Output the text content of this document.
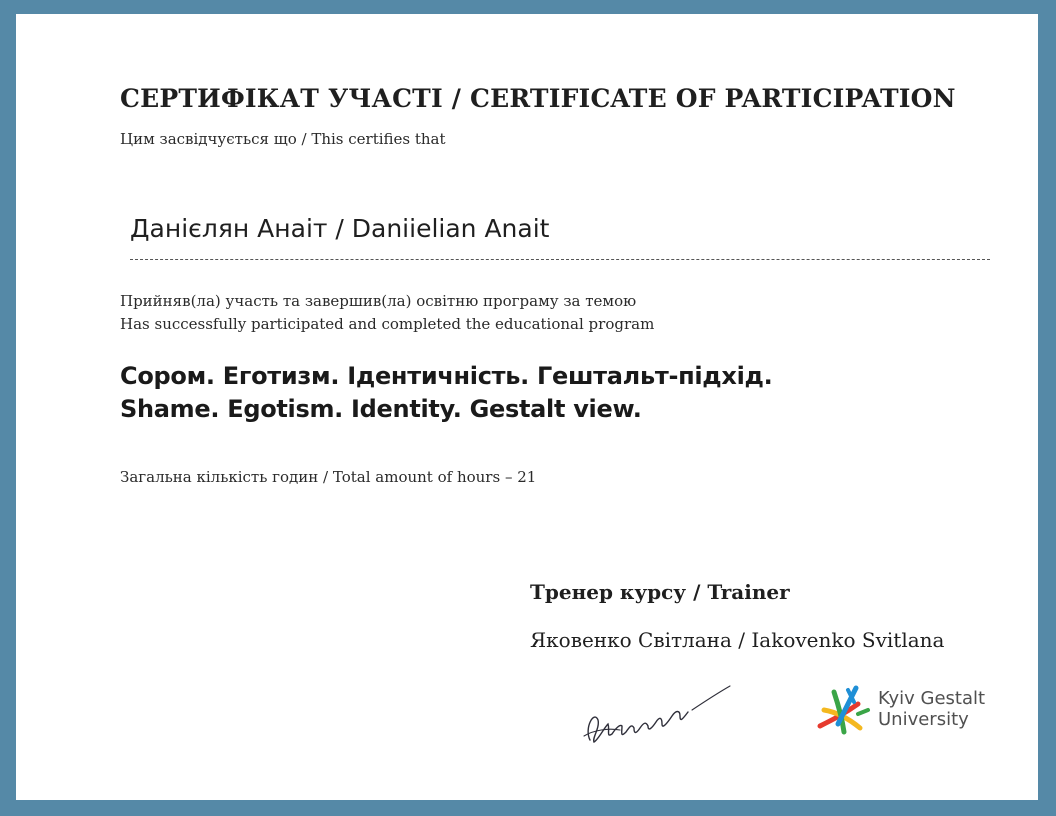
СЕРТИФІКАТ УЧАСТІ / CERTIFICATE OF PARTICIPATION
Цим засвідчується що / This certifies that
Данієлян Анаіт / Daniielian Anait
Прийняв(ла) участь та завершив(ла) освітню програму за темою
Has successfully participated and completed the educational program
Сором. Еготизм. Ідентичність. Гештальт-підхід.
Shame. Egotism. Identity. Gestalt view.
Загальна кількість годин / Total amount of hours – 21
Тренер курсу / Trainer
Яковенко Світлана / Iakovenko Svitlana
Kyiv Gestalt
University
